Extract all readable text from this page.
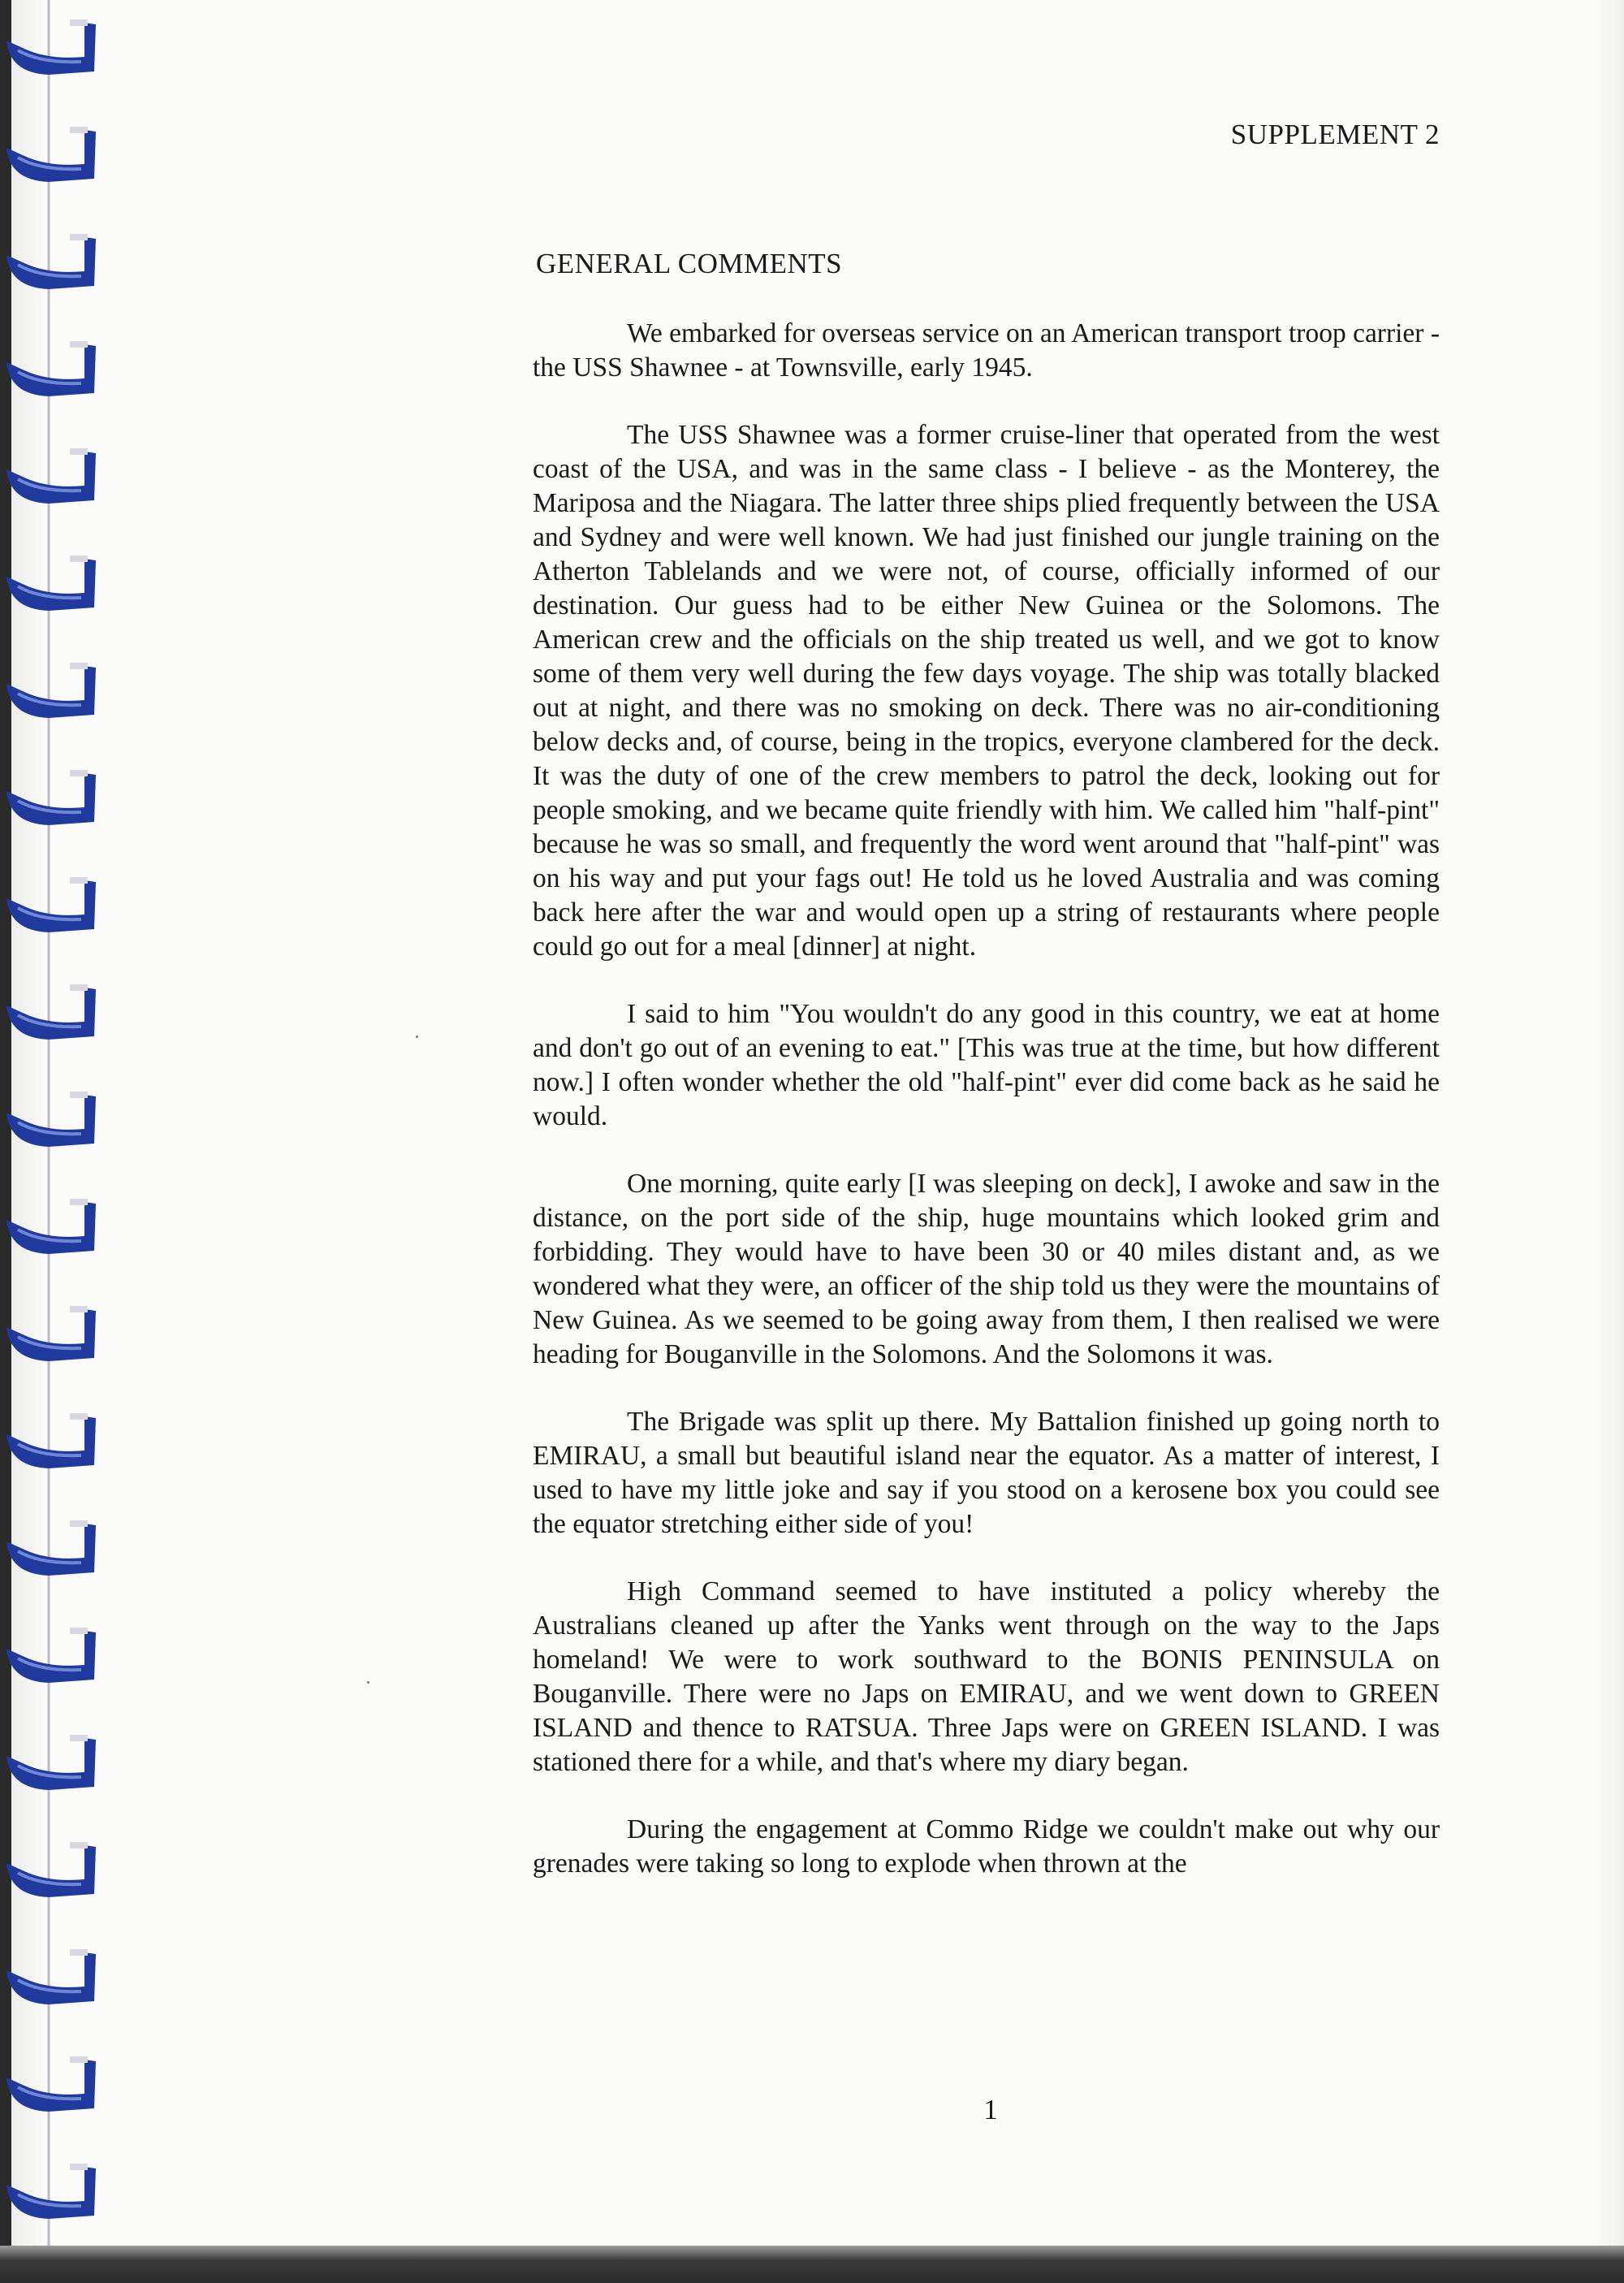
SUPPLEMENT 2
GENERAL COMMENTS

We embarked for overseas service on an American transport troop carrier - the USS Shawnee - at Townsville, early 1945.

The USS Shawnee was a former cruise-liner that operated from the west coast of the USA, and was in the same class - I believe - as the Monterey, the Mariposa and the Niagara. The latter three ships plied frequently between the USA and Sydney and were well known. We had just finished our jungle training on the Atherton Tablelands and we were not, of course, officially informed of our destination. Our guess had to be either New Guinea or the Solomons. The American crew and the officials on the ship treated us well, and we got to know some of them very well during the few days voyage. The ship was totally blacked out at night, and there was no smoking on deck. There was no air-conditioning below decks and, of course, being in the tropics, everyone clambered for the deck. It was the duty of one of the crew members to patrol the deck, looking out for people smoking, and we became quite friendly with him. We called him "half-pint" because he was so small, and frequently the word went around that "half-pint" was on his way and put your fags out! He told us he loved Australia and was coming back here after the war and would open up a string of restaurants where people could go out for a meal [dinner] at night.

I said to him "You wouldn't do any good in this country, we eat at home and don't go out of an evening to eat." [This was true at the time, but how different now.] I often wonder whether the old "half-pint" ever did come back as he said he would.

One morning, quite early [I was sleeping on deck], I awoke and saw in the distance, on the port side of the ship, huge mountains which looked grim and forbidding. They would have to have been 30 or 40 miles distant and, as we wondered what they were, an officer of the ship told us they were the mountains of New Guinea. As we seemed to be going away from them, I then realised we were heading for Bouganville in the Solomons. And the Solomons it was.

The Brigade was split up there. My Battalion finished up going north to EMIRAU, a small but beautiful island near the equator. As a matter of interest, I used to have my little joke and say if you stood on a kerosene box you could see the equator stretching either side of you!

High Command seemed to have instituted a policy whereby the Australians cleaned up after the Yanks went through on the way to the Japs homeland! We were to work southward to the BONIS PENINSULA on Bouganville. There were no Japs on EMIRAU, and we went down to GREEN ISLAND and thence to RATSUA. Three Japs were on GREEN ISLAND. I was stationed there for a while, and that's where my diary began.

During the engagement at Commo Ridge we couldn't make out why our grenades were taking so long to explode when thrown at the

1
